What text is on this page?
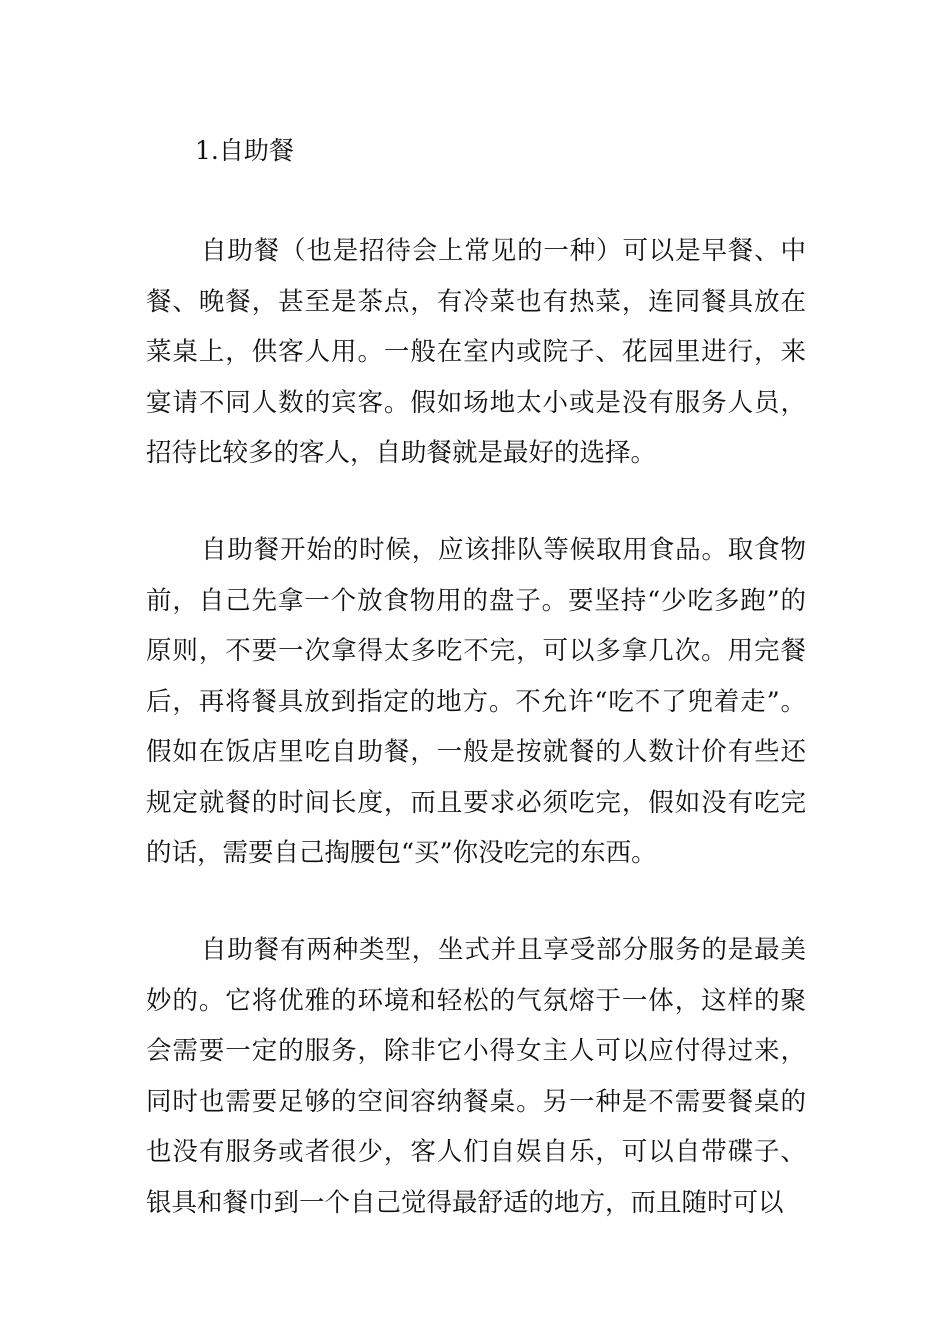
1.自助餐

自助餐（也是招待会上常见的一种）可以是早餐、中餐、晚餐，甚至是茶点，有冷菜也有热菜，连同餐具放在菜桌上，供客人用。一般在室内或院子、花园里进行，来宴请不同人数的宾客。假如场地太小或是没有服务人员，招待比较多的客人，自助餐就是最好的选择。

自助餐开始的时候，应该排队等候取用食品。取食物前，自己先拿一个放食物用的盘子。要坚持“少吃多跑”的原则，不要一次拿得太多吃不完，可以多拿几次。用完餐后，再将餐具放到指定的地方。不允许“吃不了兜着走”。假如在饭店里吃自助餐，一般是按就餐的人数计价有些还规定就餐的时间长度，而且要求必须吃完，假如没有吃完的话，需要自己掏腰包“买”你没吃完的东西。

自助餐有两种类型，坐式并且享受部分服务的是最美妙的。它将优雅的环境和轻松的气氛熔于一体，这样的聚会需要一定的服务，除非它小得女主人可以应付得过来，同时也需要足够的空间容纳餐桌。另一种是不需要餐桌的也没有服务或者很少，客人们自娱自乐，可以自带碟子、银具和餐巾到一个自己觉得最舒适的地方，而且随时可以
